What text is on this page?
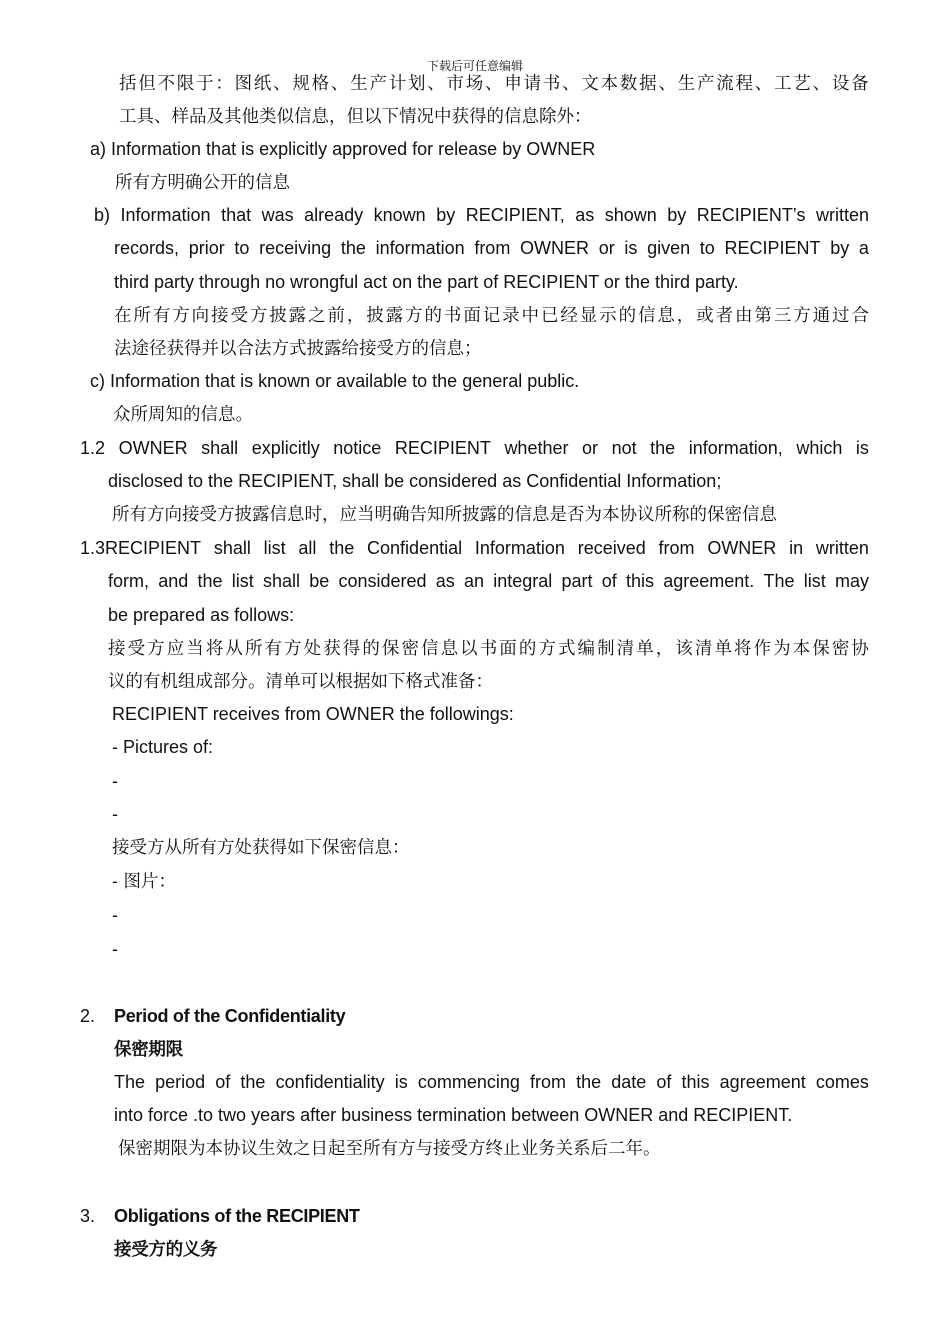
下载后可任意编辑
括 但 不 限 于 ： 图 纸 、 规 格 、 生 产 计 划 、 市 场 、 申 请 书 、 文 本 数 据 、 生 产 流 程 、 工 艺 、 设 备
工具、样品及其他类似信息，但以下情况中获得的信息除外：
a) Information that is explicitly approved for release by OWNER
所有方明确公开的信息
b) Information that was already known by RECIPIENT, as shown by RECIPIENT’s written
records, prior to receiving the information from OWNER or is given to RECIPIENT by a
third party through no wrongful act on the part of RECIPIENT or the third party.
在 所 有 方 向 接 受 方 披 露 之 前 ， 披 露 方 的 书 面 记 录 中 已 经 显 示 的 信 息 ， 或 者 由 第 三 方 通 过 合
法途径获得并以合法方式披露给接受方的信息；
c) Information that is known or available to the general public.
众所周知的信息。
1.2 OWNER shall explicitly notice RECIPIENT whether or not the information, which is
disclosed to the RECIPIENT, shall be considered as Confidential Information;
所有方向接受方披露信息时，应当明确告知所披露的信息是否为本协议所称的保密信息
1.3RECIPIENT shall list all the Confidential Information received from OWNER in written
form, and the list shall be considered as an integral part of this agreement. The list may
be prepared as follows:
接 受 方 应 当 将 从 所 有 方 处 获 得 的 保 密 信 息 以 书 面 的 方 式 编 制 清 单 ， 该 清 单 将 作 为 本 保 密 协
议的有机组成部分。清单可以根据如下格式准备：
RECIPIENT receives from OWNER the followings:
- Pictures of:
-
-
接受方从所有方处获得如下保密信息：
- 图片：
-
-
2. Period of the Confidentiality
保密期限
The period of the confidentiality is commencing from the date of this agreement comes
into force .to two years after business termination between OWNER and RECIPIENT.
保密期限为本协议生效之日起至所有方与接受方终止业务关系后二年。
3. Obligations of the RECIPIENT
接受方的义务
